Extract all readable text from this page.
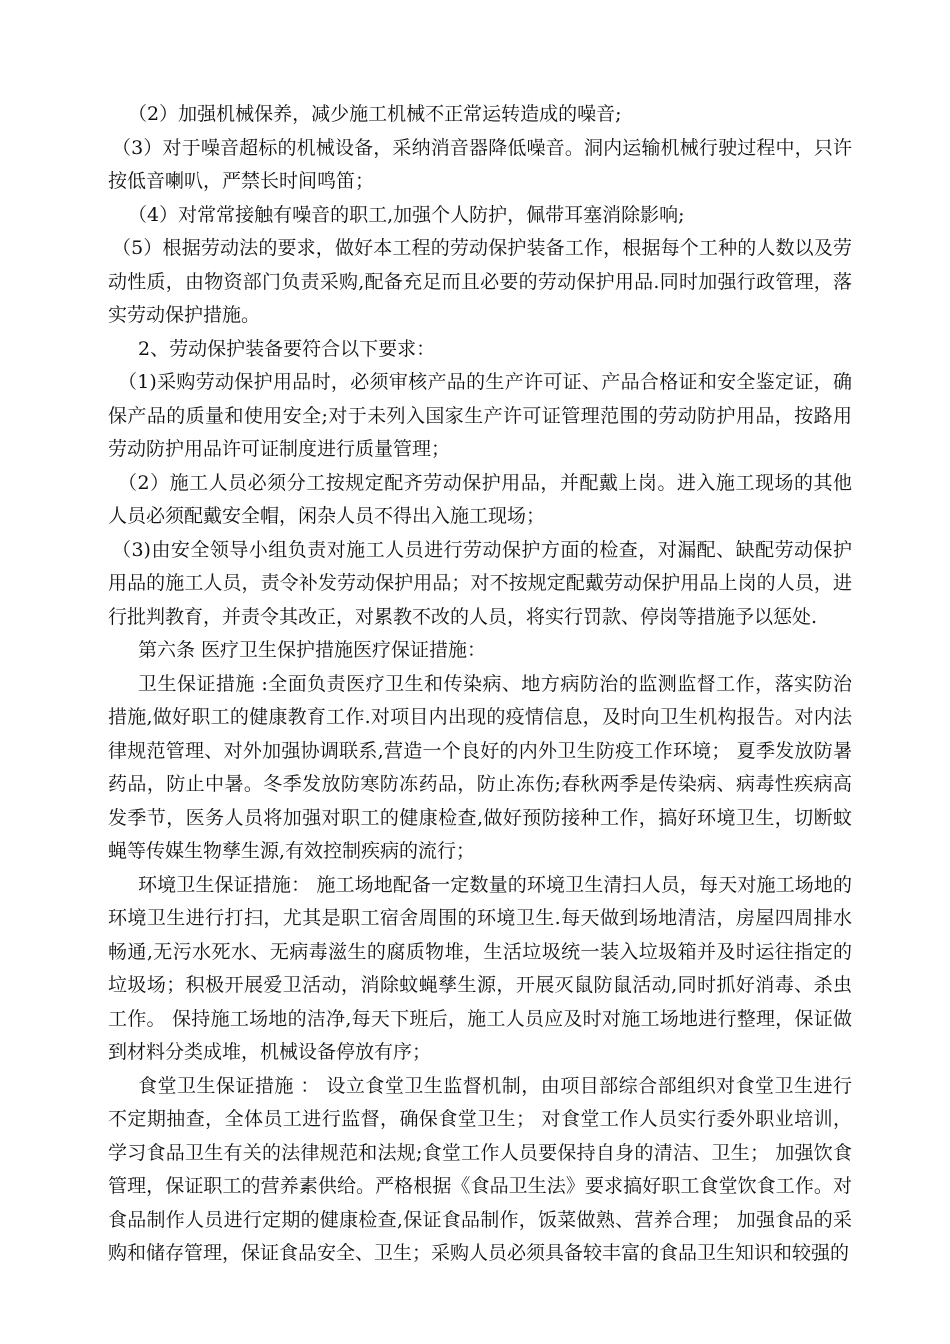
（2）加强机械保养，减少施工机械不正常运转造成的噪音;

（3）对于噪音超标的机械设备，采纳消音器降低噪音。洞内运输机械行驶过程中，只许按低音喇叭，严禁长时间鸣笛；

（4）对常常接触有噪音的职工,加强个人防护，佩带耳塞消除影响;

（5）根据劳动法的要求，做好本工程的劳动保护装备工作，根据每个工种的人数以及劳动性质，由物资部门负责采购,配备充足而且必要的劳动保护用品.同时加强行政管理，落实劳动保护措施。

2、劳动保护装备要符合以下要求：

（1)采购劳动保护用品时，必须审核产品的生产许可证、产品合格证和安全鉴定证，确保产品的质量和使用安全;对于未列入国家生产许可证管理范围的劳动防护用品，按路用劳动防护用品许可证制度进行质量管理；

（2）施工人员必须分工按规定配齐劳动保护用品，并配戴上岗。进入施工现场的其他人员必须配戴安全帽，闲杂人员不得出入施工现场；

（3)由安全领导小组负责对施工人员进行劳动保护方面的检查，对漏配、缺配劳动保护用品的施工人员，责令补发劳动保护用品；对不按规定配戴劳动保护用品上岗的人员，进行批判教育，并责令其改正，对累教不改的人员，将实行罚款、停岗等措施予以惩处.

第六条 医疗卫生保护措施医疗保证措施：

卫生保证措施 :全面负责医疗卫生和传染病、地方病防治的监测监督工作，落实防治措施,做好职工的健康教育工作.对项目内出现的疫情信息，及时向卫生机构报告。对内法律规范管理、对外加强协调联系,营造一个良好的内外卫生防疫工作环境； 夏季发放防暑药品，防止中暑。冬季发放防寒防冻药品，防止冻伤;春秋两季是传染病、病毒性疾病高发季节，医务人员将加强对职工的健康检查,做好预防接种工作，搞好环境卫生，切断蚊蝇等传媒生物孳生源,有效控制疾病的流行；

环境卫生保证措施： 施工场地配备一定数量的环境卫生清扫人员，每天对施工场地的环境卫生进行打扫，尤其是职工宿舍周围的环境卫生.每天做到场地清洁，房屋四周排水畅通,无污水死水、无病毒滋生的腐质物堆，生活垃圾统一装入垃圾箱并及时运往指定的垃圾场；积极开展爱卫活动，消除蚊蝇孳生源，开展灭鼠防鼠活动,同时抓好消毒、杀虫工作。 保持施工场地的洁净,每天下班后，施工人员应及时对施工场地进行整理，保证做到材料分类成堆，机械设备停放有序；

食堂卫生保证措施 ： 设立食堂卫生监督机制，由项目部综合部组织对食堂卫生进行不定期抽查，全体员工进行监督，确保食堂卫生； 对食堂工作人员实行委外职业培训，学习食品卫生有关的法律规范和法规;食堂工作人员要保持自身的清洁、卫生； 加强饮食管理，保证职工的营养素供给。严格根据《食品卫生法》要求搞好职工食堂饮食工作。对食品制作人员进行定期的健康检查,保证食品制作，饭菜做熟、营养合理； 加强食品的采购和储存管理，保证食品安全、卫生；采购人员必须具备较丰富的食品卫生知识和较强的
